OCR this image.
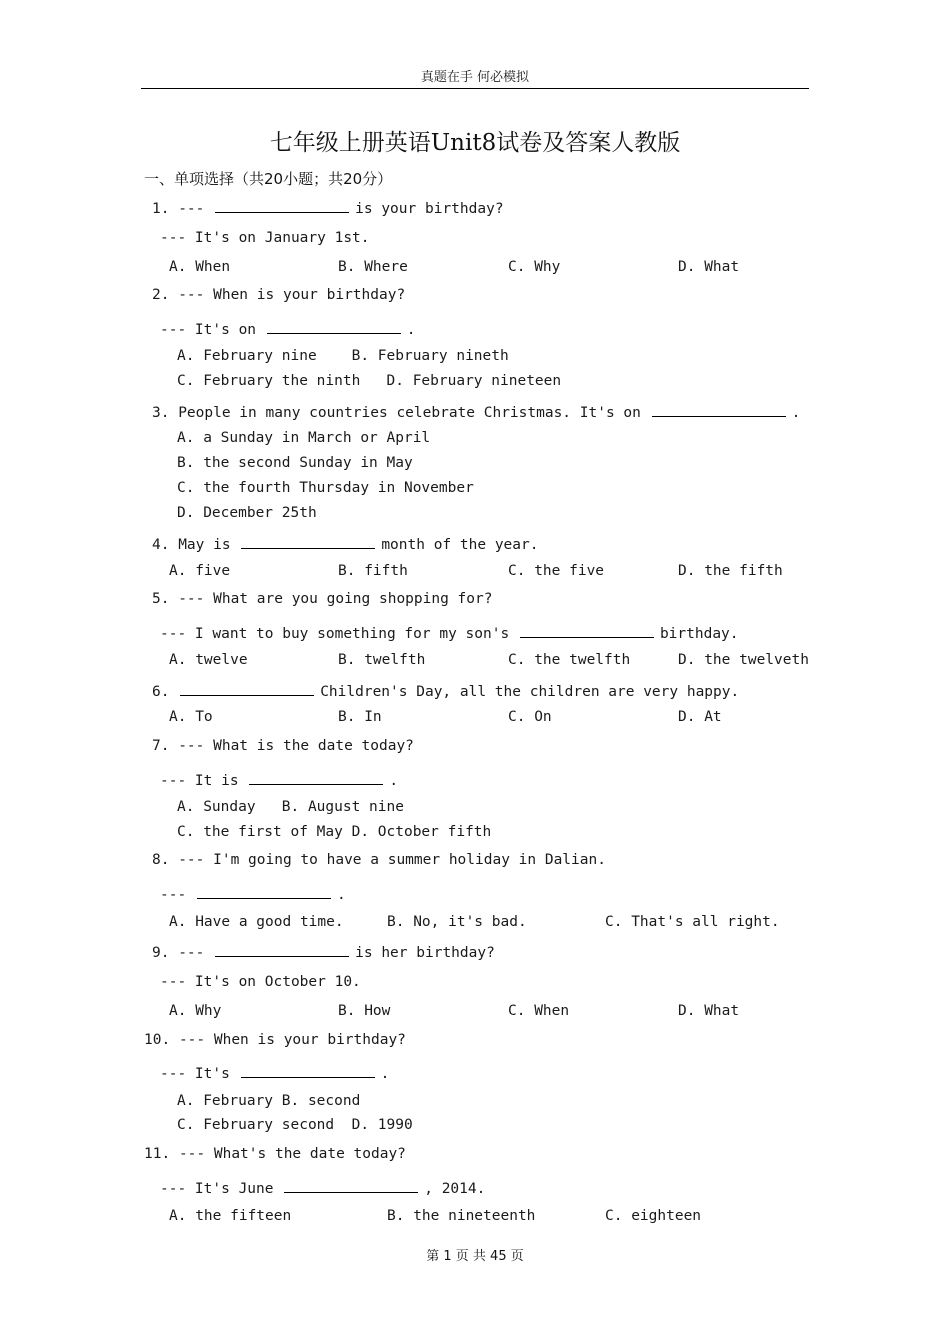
真题在手 何必模拟
七年级上册英语Unit8试卷及答案人教版
一、单项选择（共20小题；共20分）
1. ---	is your birthday?
--- It's on January 1st.
A. When	B. Where	C. Why	D. What
2. --- When is your birthday?
--- It's on	.
A. February nine    B. February nineth
C. February the ninth   D. February nineteen
3. People in many countries celebrate Christmas. It's on	.
A. a Sunday in March or April
B. the second Sunday in May
C. the fourth Thursday in November
D. December 25th
4. May is	month of the year.
A. five	B. fifth	C. the five	D. the fifth
5. --- What are you going shopping for?
--- I want to buy something for my son's	birthday.
A. twelve	B. twelfth	C. the twelfth	D. the twelveth
6.	Children's Day, all the children are very happy.
A. To	B. In	C. On	D. At
7. --- What is the date today?
--- It is	.
A. Sunday   B. August nine
C. the first of May D. October fifth
8. --- I'm going to have a summer holiday in Dalian.
---	.
A. Have a good time.	B. No, it's bad.	C. That's all right.
9. ---	is her birthday?
--- It's on October 10.
A. Why	B. How	C. When	D. What
10. --- When is your birthday?
--- It's	.
A. February B. second
C. February second  D. 1990
11. --- What's the date today?
--- It's June	, 2014.
A. the fifteen	B. the nineteenth	C. eighteen
第 1 页 共 45 页
